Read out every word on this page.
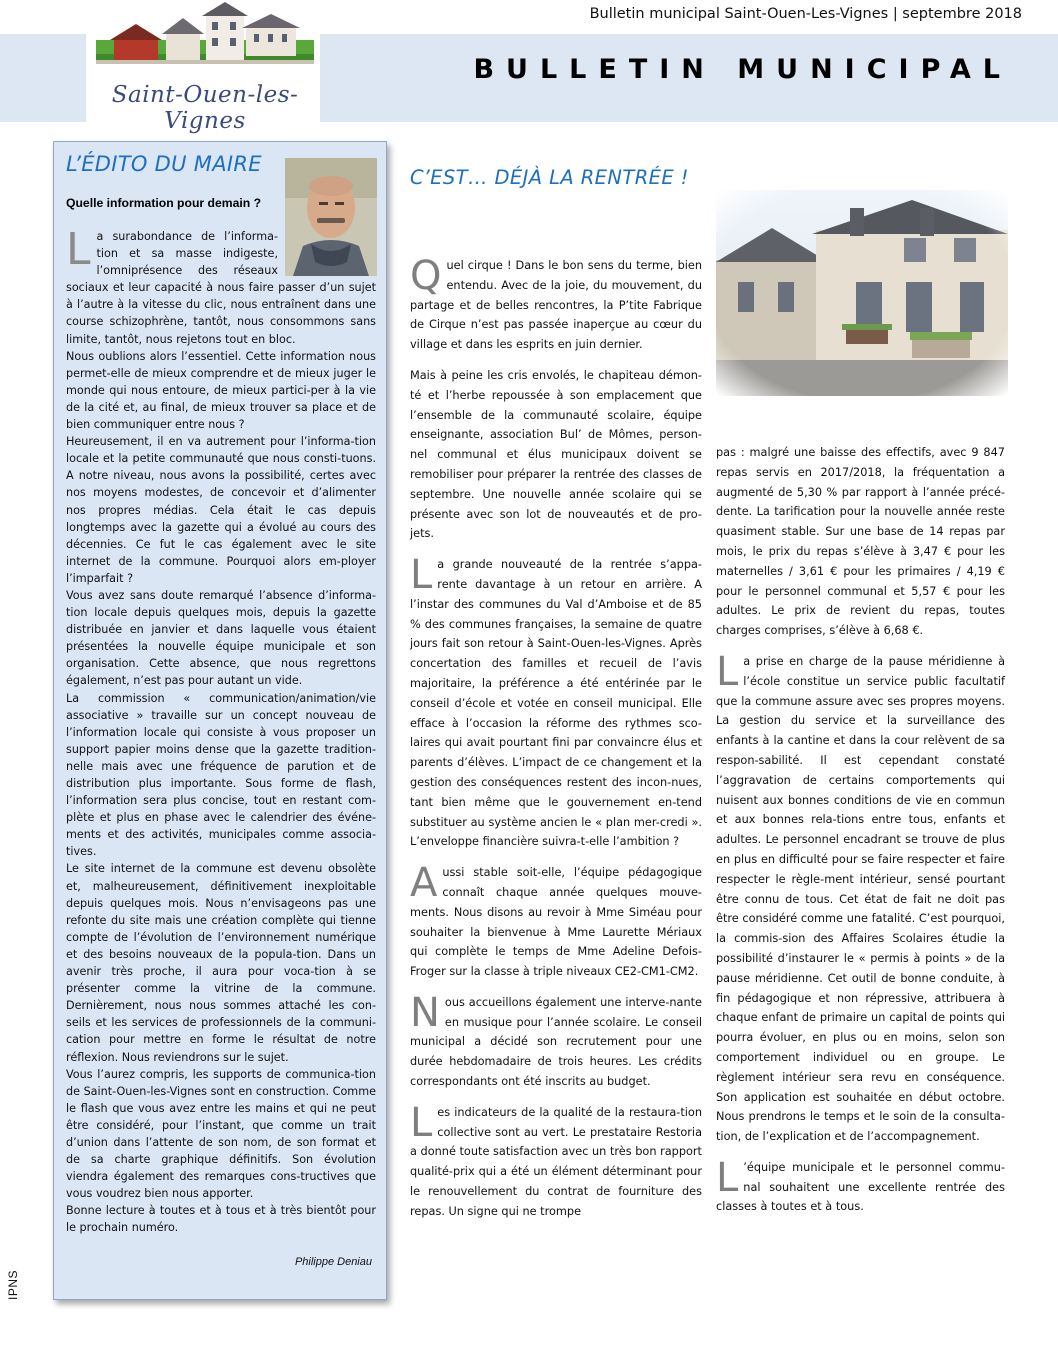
Saint-Ouen-les-Vignes
Bulletin municipal Saint-Ouen-Les-Vignes | septembre 2018
BULLETIN MUNICIPAL
L’ÉDITO DU MAIRE
Quelle information pour demain ?

La surabondance de l’informa-tion et sa masse indigeste, l’omniprésence des réseaux sociaux et leur capacité à nous faire passer d’un sujet à l’autre à la vitesse du clic, nous entraînent dans une course schizophrène, tantôt, nous consommons sans limite, tantôt, nous rejetons tout en bloc.

Nous oublions alors l’essentiel. Cette information nous permet-elle de mieux comprendre et de mieux juger le monde qui nous entoure, de mieux partici-per à la vie de la cité et, au final, de mieux trouver sa place et de bien communiquer entre nous ?

Heureusement, il en va autrement pour l’informa-tion locale et la petite communauté que nous consti-tuons. A notre niveau, nous avons la possibilité, certes avec nos moyens modestes, de concevoir et d’alimenter nos propres médias. Cela était le cas depuis longtemps avec la gazette qui a évolué au cours des décennies. Ce fut le cas également avec le site internet de la commune. Pourquoi alors em-ployer l’imparfait ?

Vous avez sans doute remarqué l’absence d’informa-tion locale depuis quelques mois, depuis la gazette distribuée en janvier et dans laquelle vous étaient présentées la nouvelle équipe municipale et son organisation. Cette absence, que nous regrettons également, n’est pas pour autant un vide.

La commission « communication/animation/vie associative » travaille sur un concept nouveau de l’information locale qui consiste à vous proposer un support papier moins dense que la gazette tradition-nelle mais avec une fréquence de parution et de distribution plus importante. Sous forme de flash, l’information sera plus concise, tout en restant com-plète et plus en phase avec le calendrier des événe-ments et des activités, municipales comme associa-tives.

Le site internet de la commune est devenu obsolète et, malheureusement, définitivement inexploitable depuis quelques mois. Nous n’envisageons pas une refonte du site mais une création complète qui tienne compte de l’évolution de l’environnement numérique et des besoins nouveaux de la popula-tion. Dans un avenir très proche, il aura pour voca-tion à se présenter comme la vitrine de la commune. Dernièrement, nous nous sommes attaché les con-seils et les services de professionnels de la communi-cation pour mettre en forme le résultat de notre réflexion. Nous reviendrons sur le sujet.

Vous l’aurez compris, les supports de communica-tion de Saint-Ouen-les-Vignes sont en construction. Comme le flash que vous avez entre les mains et qui ne peut être considéré, pour l’instant, que comme un trait d’union dans l’attente de son nom, de son format et de sa charte graphique définitifs. Son évolution viendra également des remarques cons-tructives que vous voudrez bien nous apporter.

Bonne lecture à toutes et à tous et à très bientôt pour le prochain numéro.

Philippe Deniau
C’EST… DÉJÀ LA RENTRÉE !

Quel cirque ! Dans le bon sens du terme, bien entendu. Avec de la joie, du mouvement, du partage et de belles rencontres, la P’tite Fabrique de Cirque n’est pas passée inaperçue au cœur du village et dans les esprits en juin dernier.

Mais à peine les cris envolés, le chapiteau démon-té et l’herbe repoussée à son emplacement que l’ensemble de la communauté scolaire, équipe enseignante, association Bul’ de Mômes, person-nel communal et élus municipaux doivent se remobiliser pour préparer la rentrée des classes de septembre. Une nouvelle année scolaire qui se présente avec son lot de nouveautés et de pro-jets.

La grande nouveauté de la rentrée s’appa-rente davantage à un retour en arrière. A l’instar des communes du Val d’Amboise et de 85 % des communes françaises, la semaine de quatre jours fait son retour à Saint-Ouen-les-Vignes. Après concertation des familles et recueil de l’avis majoritaire, la préférence a été entérinée par le conseil d’école et votée en conseil municipal. Elle efface à l’occasion la réforme des rythmes sco-laires qui avait pourtant fini par convaincre élus et parents d’élèves. L’impact de ce changement et la gestion des conséquences restent des incon-nues, tant bien même que le gouvernement en-tend substituer au système ancien le « plan mer-credi ». L’enveloppe financière suivra-t-elle l’ambition ?

Aussi stable soit-elle, l’équipe pédagogique connaît chaque année quelques mouve-ments. Nous disons au revoir à Mme Siméau pour souhaiter la bienvenue à Mme Laurette Mériaux qui complète le temps de Mme Adeline Defois-Froger sur la classe à triple niveaux CE2-CM1-CM2.

Nous accueillons également une interve-nante en musique pour l’année scolaire. Le conseil municipal a décidé son recrutement pour une durée hebdomadaire de trois heures. Les crédits correspondants ont été inscrits au budget.

Les indicateurs de la qualité de la restaura-tion collective sont au vert. Le prestataire Restoria a donné toute satisfaction avec un très bon rapport qualité-prix qui a été un élément déterminant pour le renouvellement du contrat de fourniture des repas. Un signe qui ne trompe

pas : malgré une baisse des effectifs, avec 9 847 repas servis en 2017/2018, la fréquentation a augmenté de 5,30 % par rapport à l’année précé-dente. La tarification pour la nouvelle année reste quasiment stable. Sur une base de 14 repas par mois, le prix du repas s’élève à 3,47 € pour les maternelles / 3,61 € pour les primaires / 4,19 € pour le personnel communal et 5,57 € pour les adultes. Le prix de revient du repas, toutes charges comprises, s’élève à 6,68 €.

La prise en charge de la pause méridienne à l’école constitue un service public facultatif que la commune assure avec ses propres moyens. La gestion du service et la surveillance des enfants à la cantine et dans la cour relèvent de sa respon-sabilité. Il est cependant constaté l’aggravation de certains comportements qui nuisent aux bonnes conditions de vie en commun et aux bonnes rela-tions entre tous, enfants et adultes. Le personnel encadrant se trouve de plus en plus en difficulté pour se faire respecter et faire respecter le règle-ment intérieur, sensé pourtant être connu de tous. Cet état de fait ne doit pas être considéré comme une fatalité. C’est pourquoi, la commis-sion des Affaires Scolaires étudie la possibilité d’instaurer le « permis à points » de la pause méridienne. Cet outil de bonne conduite, à fin pédagogique et non répressive, attribuera à chaque enfant de primaire un capital de points qui pourra évoluer, en plus ou en moins, selon son comportement individuel ou en groupe. Le règlement intérieur sera revu en conséquence. Son application est souhaitée en début octobre. Nous prendrons le temps et le soin de la consulta-tion, de l’explication et de l’accompagnement.

L ’équipe municipale et le personnel commu-nal souhaitent une excellente rentrée des classes à toutes et à tous.

IPNS
